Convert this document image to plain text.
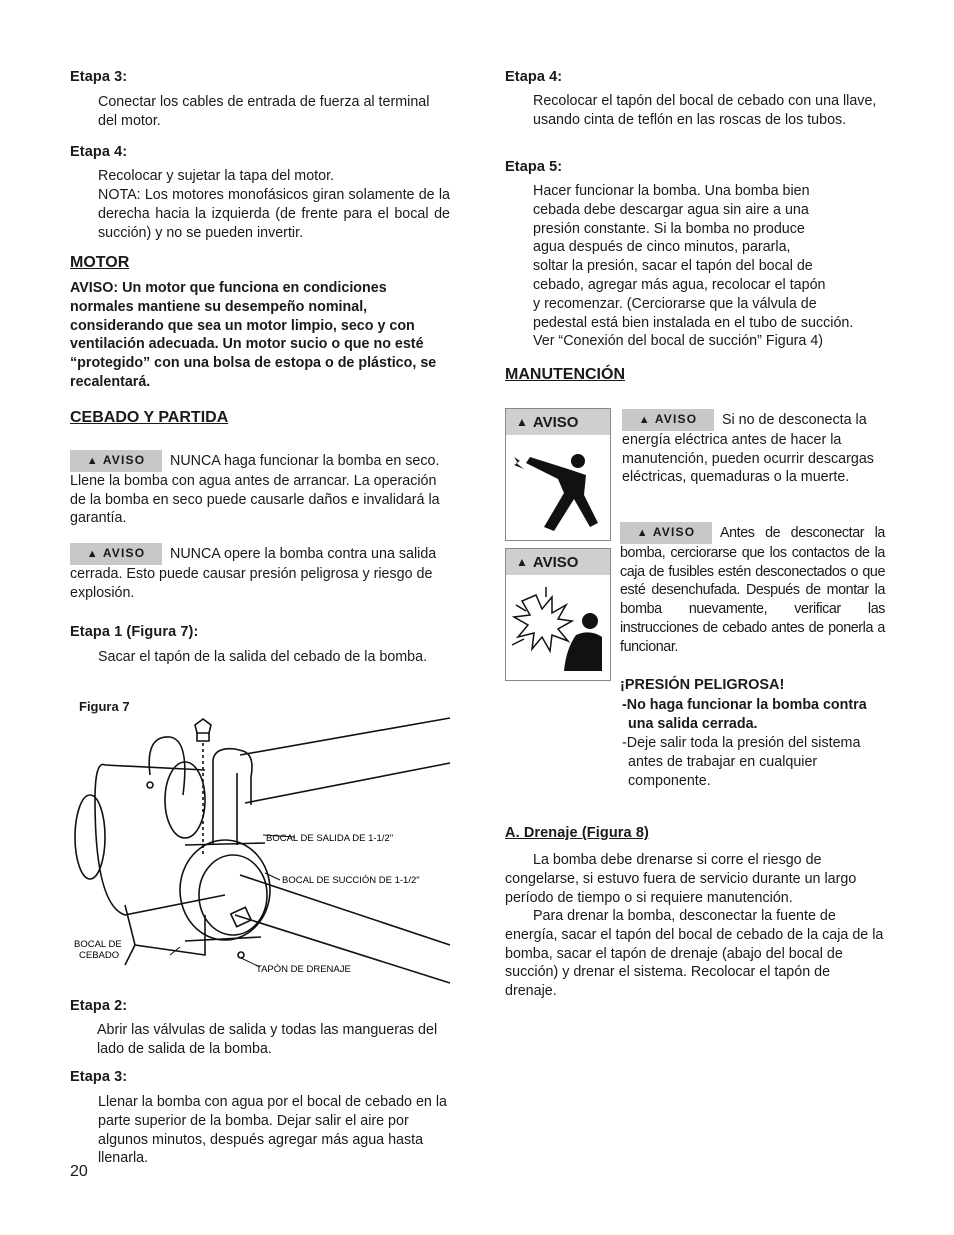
Etapa 3:
Conectar los cables de entrada de fuerza al terminal del motor.
Etapa 4:
Recolocar y sujetar la tapa del motor.
NOTA: Los motores monofásicos giran solamente de la derecha hacia la izquierda (de frente para el bocal de succión) y no se pueden invertir.
MOTOR
AVISO: Un motor que funciona en condiciones normales mantiene su desempeño nominal, considerando que sea un motor limpio, seco y con ventilación adecuada. Un motor sucio o que no esté “protegido” con una bolsa de estopa o de plástico, se recalentará.
CEBADO Y PARTIDA
▲ AVISO NUNCA haga funcionar la bomba en seco. Llene la bomba con agua antes de arrancar. La operación de la bomba en seco puede causarle daños e invalidará la garantía.
▲ AVISO NUNCA opere la bomba contra una salida cerrada. Esto puede causar presión peligrosa y riesgo de explosión.
Etapa 1 (Figura 7):
Sacar el tapón de la salida del cebado de la bomba.
Figura 7
BOCAL DE SALIDA DE 1-1/2"
BOCAL DE SUCCIÓN DE 1-1/2"
BOCAL DE
CEBADO
TAPÓN DE DRENAJE
Etapa 2:
Abrir las válvulas de salida y todas las mangueras del lado de salida de la bomba.
Etapa 3:
Llenar la bomba con agua por el bocal de cebado en la parte superior de la bomba. Dejar salir el aire por algunos minutos, después agregar más agua hasta llenarla.
20
Etapa 4:
Recolocar el tapón del bocal de cebado con una llave, usando cinta de teflón en las roscas de los tubos.
Etapa 5:
Hacer funcionar la bomba. Una bomba bien
cebada debe descargar agua sin aire a una
presión constante. Si la bomba no produce
agua después de cinco minutos, pararla,
soltar la presión, sacar el tapón del bocal de
cebado, agregar más agua, recolocar el tapón
y recomenzar. (Cerciorarse que la válvula de
pedestal está bien instalada en el tubo de succión.
Ver “Conexión del bocal de succión” Figura 4)
MANUTENCIÓN
▲ AVISO
▲ AVISO
▲ AVISO Si no de desconecta la energía eléctrica antes de hacer la manutención, pueden ocurrir descargas eléctricas, quemaduras o la muerte.
▲ AVISO Antes de desconectar la bomba, cerciorarse que los contactos de la caja de fusibles estén desconectados o que esté desenchufada. Después de montar la bomba nuevamente, verificar las instrucciones de cebado antes de ponerla a funcionar.
¡PRESIÓN PELIGROSA!
-No haga funcionar la bomba contra una salida cerrada.
-Deje salir toda la presión del sistema antes de trabajar en cualquier componente.
A. Drenaje (Figura 8)
La bomba debe drenarse si corre el riesgo de congelarse, si estuvo fuera de servicio durante un largo período de tiempo o si requiere manutención.
Para drenar la bomba, desconectar la fuente de energía, sacar el tapón del bocal de cebado de la caja de la bomba, sacar el tapón de drenaje (abajo del bocal de succión) y drenar el sistema. Recolocar el tapón de drenaje.
